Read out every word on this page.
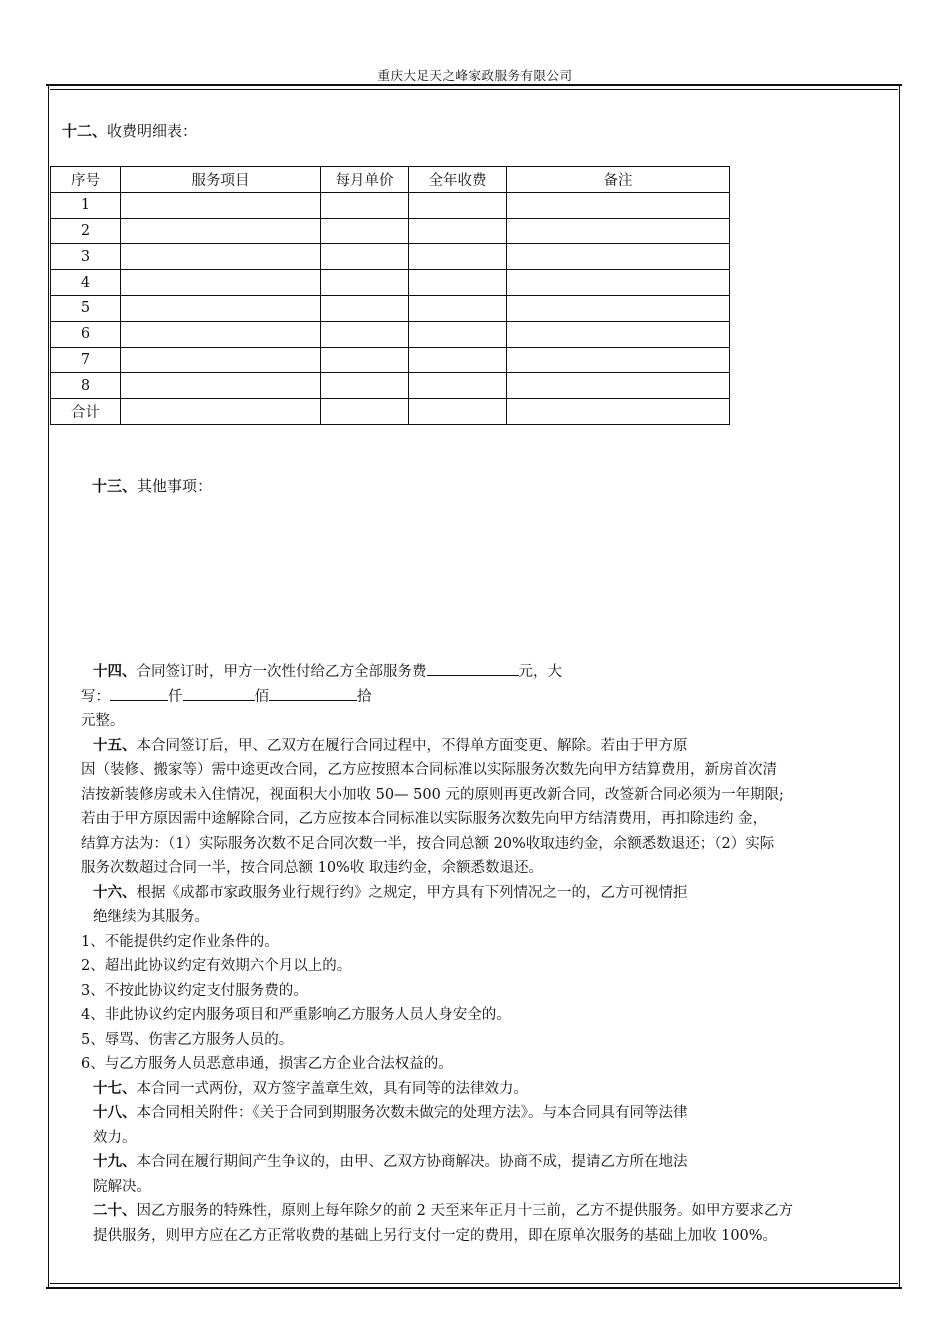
重庆大足天之峰家政服务有限公司
十二、收费明细表：
序号	服务项目	每月单价	全年收费	备注
1				
2				
3				
4				
5				
6				
7				
8				
合计				
十三、其他事项：

十四、合同签订时，甲方一次性付给乙方全部服务费	元，大

写：	仟	佰	拾

元整。

十五、本合同签订后，甲、乙双方在履行合同过程中，不得单方面变更、解除。若由于甲方原

因（装修、搬家等）需中途更改合同，乙方应按照本合同标准以实际服务次数先向甲方结算费用，新房首次清

洁按新装修房或未入住情况，视面积大小加收 50— 500 元的原则再更改新合同，改签新合同必须为一年期限;

若由于甲方原因需中途解除合同，乙方应按本合同标准以实际服务次数先向甲方结清费用，再扣除违约 金，

结算方法为：（1）实际服务次数不足合同次数一半，按合同总额 20%收取违约金，余额悉数退还；（2）实际

服务次数超过合同一半，按合同总额 10%收 取违约金，余额悉数退还。

十六、根据《成都市家政服务业行规行约》之规定，甲方具有下列情况之一的，乙方可视情拒

绝继续为其服务。

1、不能提供约定作业条件的。

2、超出此协议约定有效期六个月以上的。

3、不按此协议约定支付服务费的。

4、非此协议约定内服务项目和严重影响乙方服务人员人身安全的。

5、辱骂、伤害乙方服务人员的。

6、与乙方服务人员恶意串通，损害乙方企业合法权益的。

十七、本合同一式两份，双方签字盖章生效，具有同等的法律效力。

十八、本合同相关附件：《关于合同到期服务次数未做完的处理方法》。与本合同具有同等法律

效力。

十九、本合同在履行期间产生争议的，由甲、乙双方协商解决。协商不成，提请乙方所在地法

院解决。

二十、因乙方服务的特殊性，原则上每年除夕的前 2 天至来年正月十三前，乙方不提供服务。如甲方要求乙方

提供服务，则甲方应在乙方正常收费的基础上另行支付一定的费用，即在原单次服务的基础上加收 100%。
